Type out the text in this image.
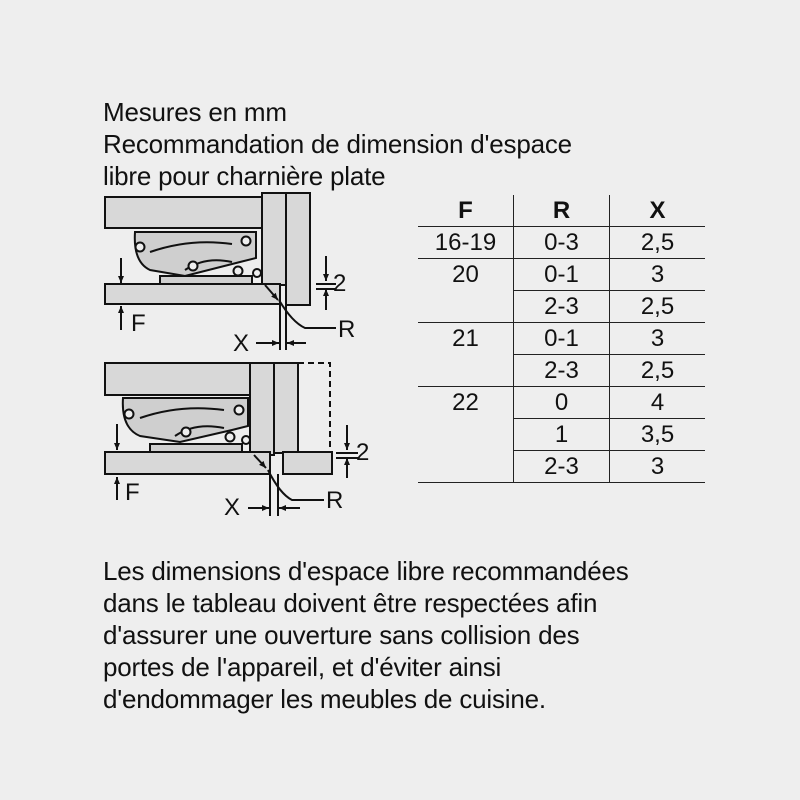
Mesures en mm
Recommandation de dimension d'espace
libre pour charnière plate
F
2
X
R
F
2
X	R
F	R	X
16-19	0-3	2,5
20	0-1	3
	2-3	2,5
21	0-1	3
	2-3	2,5
22	0	4
	1	3,5
	2-3	3
Les dimensions d'espace libre recommandées
dans le tableau doivent être respectées afin
d'assurer une ouverture sans collision des
portes de l'appareil, et d'éviter ainsi
d'endommager les meubles de cuisine.
